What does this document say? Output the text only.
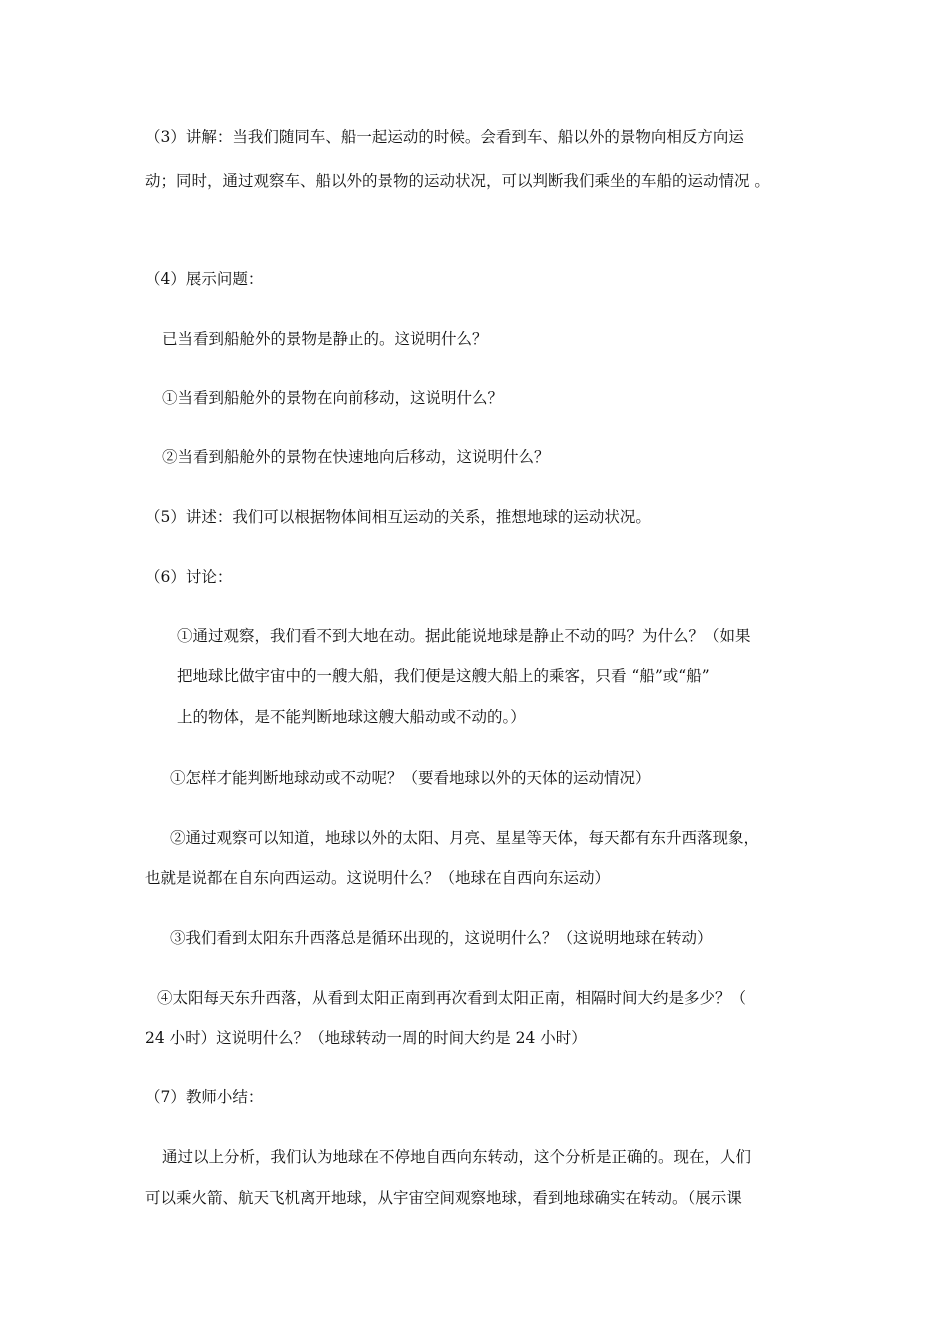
（3）讲解：当我们随同车、船一起运动的时候。会看到车、船以外的景物向相反方向运
动；同时，通过观察车、船以外的景物的运动状况，可以判断我们乘坐的车船的运动情况 。
（4）展示问题：
已当看到船舱外的景物是静止的。这说明什么？
①当看到船舱外的景物在向前移动，这说明什么？
②当看到船舱外的景物在快速地向后移动，这说明什么？
（5）讲述：我们可以根据物体间相互运动的关系，推想地球的运动状况。
（6）讨论：
①通过观察，我们看不到大地在动。据此能说地球是静止不动的吗？为什么？（如果
把地球比做宇宙中的一艘大船，我们便是这艘大船上的乘客，只看 “船”或“船”
上的物体，是不能判断地球这艘大船动或不动的。）
①怎样才能判断地球动或不动呢？（要看地球以外的天体的运动情况）
②通过观察可以知道，地球以外的太阳、月亮、星星等天体，每天都有东升西落现象，
也就是说都在自东向西运动。这说明什么？（地球在自西向东运动）
③我们看到太阳东升西落总是循环出现的，这说明什么？（这说明地球在转动）
④太阳每天东升西落，从看到太阳正南到再次看到太阳正南，相隔时间大约是多少？（
24 小时）这说明什么？（地球转动一周的时间大约是 24 小时）
（7）教师小结：
通过以上分析，我们认为地球在不停地自西向东转动，这个分析是正确的。现在，人们
可以乘火箭、航天飞机离开地球，从宇宙空间观察地球，看到地球确实在转动。（展示课
